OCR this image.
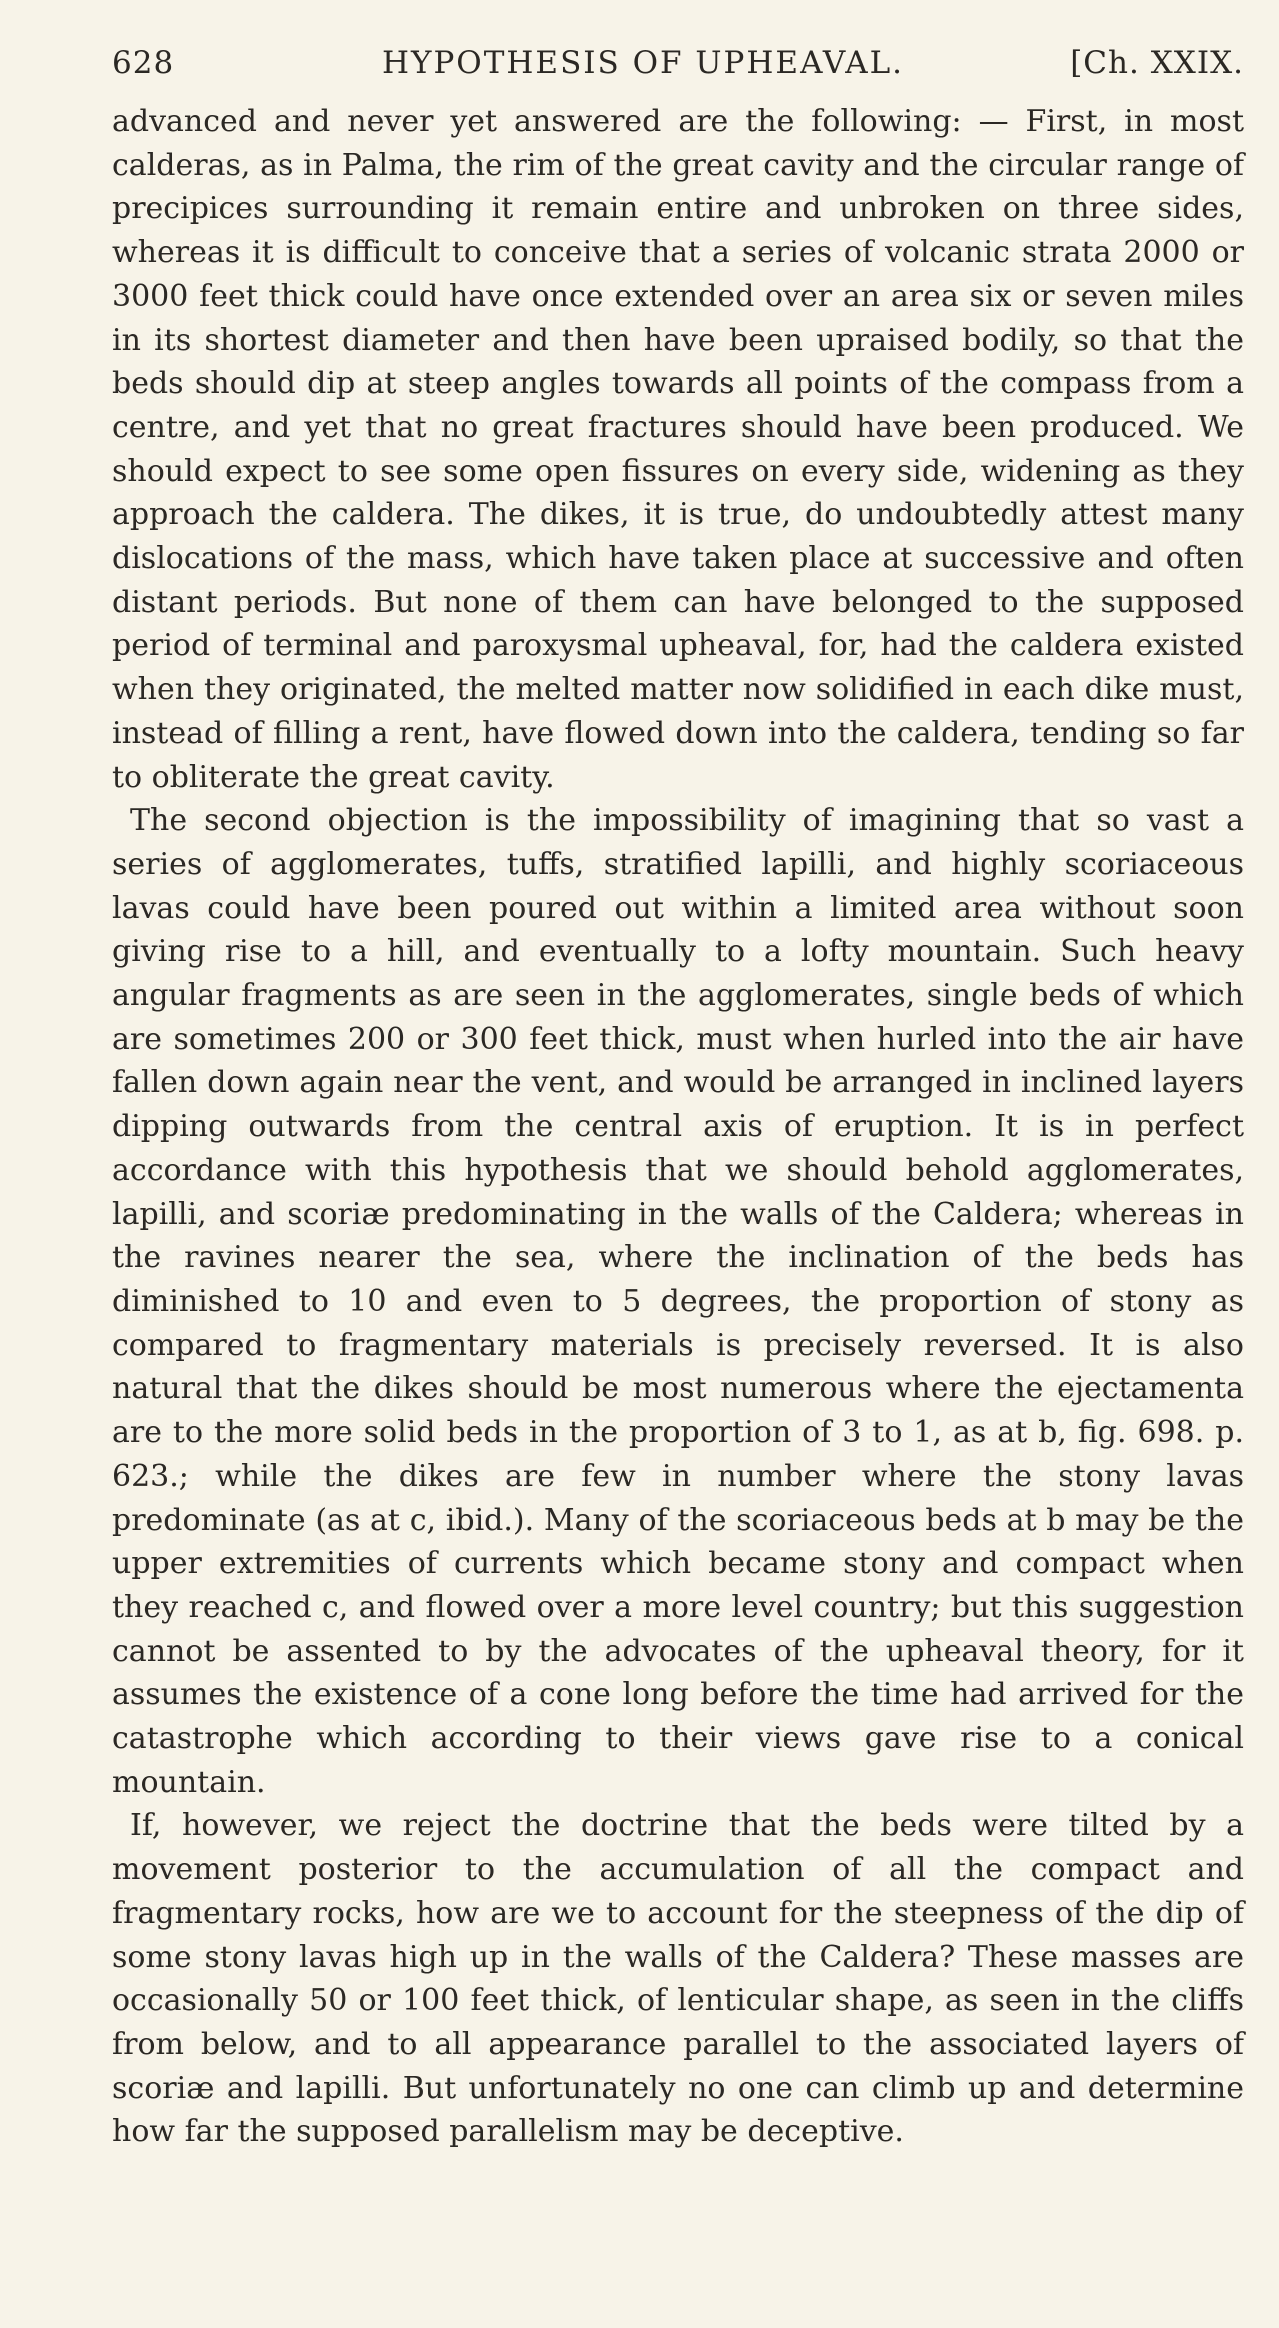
628	HYPOTHESIS OF UPHEAVAL.	[Ch. XXIX.

advanced and never yet answered are the following: — First, in most calderas, as in Palma, the rim of the great cavity and the circular range of precipices surrounding it remain entire and unbroken on three sides, whereas it is difficult to conceive that a series of volcanic strata 2000 or 3000 feet thick could have once extended over an area six or seven miles in its shortest diameter and then have been upraised bodily, so that the beds should dip at steep angles towards all points of the compass from a centre, and yet that no great fractures should have been produced. We should expect to see some open fissures on every side, widening as they approach the caldera. The dikes, it is true, do undoubtedly attest many dislocations of the mass, which have taken place at successive and often distant periods. But none of them can have belonged to the supposed period of terminal and paroxysmal upheaval, for, had the caldera existed when they originated, the melted matter now solidified in each dike must, instead of filling a rent, have flowed down into the caldera, tending so far to obliterate the great cavity.

The second objection is the impossibility of imagining that so vast a series of agglomerates, tuffs, stratified lapilli, and highly scoriaceous lavas could have been poured out within a limited area without soon giving rise to a hill, and eventually to a lofty mountain. Such heavy angular fragments as are seen in the agglomerates, single beds of which are sometimes 200 or 300 feet thick, must when hurled into the air have fallen down again near the vent, and would be arranged in inclined layers dipping outwards from the central axis of eruption. It is in perfect accordance with this hypothesis that we should behold agglomerates, lapilli, and scoriæ predominating in the walls of the Caldera; whereas in the ravines nearer the sea, where the inclination of the beds has diminished to 10 and even to 5 degrees, the proportion of stony as compared to fragmentary materials is precisely reversed. It is also natural that the dikes should be most numerous where the ejectamenta are to the more solid beds in the proportion of 3 to 1, as at b, fig. 698. p. 623.; while the dikes are few in number where the stony lavas predominate (as at c, ibid.). Many of the scoriaceous beds at b may be the upper extremities of currents which became stony and compact when they reached c, and flowed over a more level country; but this suggestion cannot be assented to by the advocates of the upheaval theory, for it assumes the existence of a cone long before the time had arrived for the catastrophe which according to their views gave rise to a conical mountain.

If, however, we reject the doctrine that the beds were tilted by a movement posterior to the accumulation of all the compact and fragmentary rocks, how are we to account for the steepness of the dip of some stony lavas high up in the walls of the Caldera? These masses are occasionally 50 or 100 feet thick, of lenticular shape, as seen in the cliffs from below, and to all appearance parallel to the associated layers of scoriæ and lapilli. But unfortunately no one can climb up and determine how far the supposed parallelism may be deceptive.
